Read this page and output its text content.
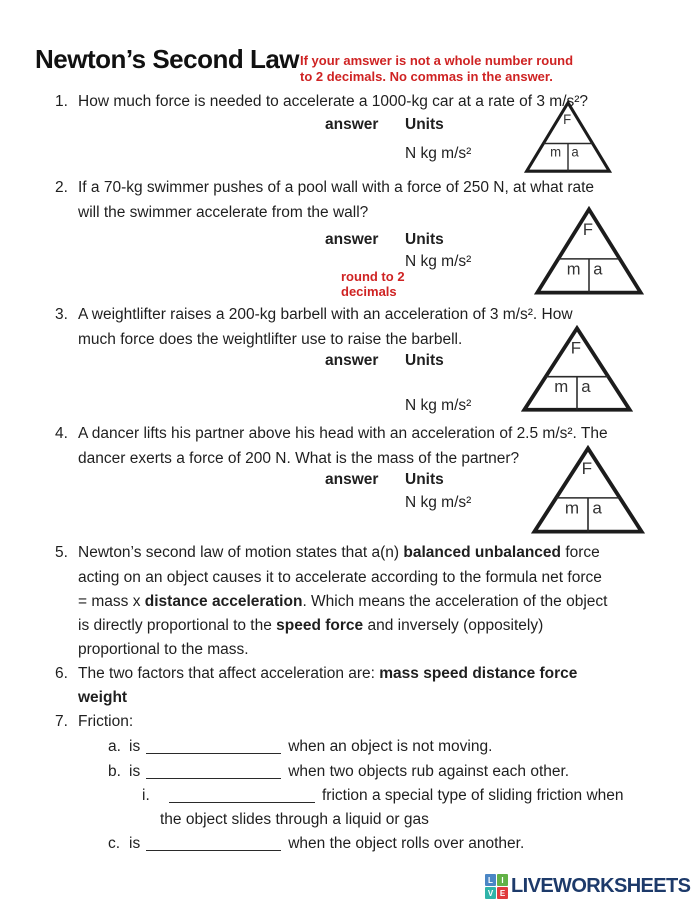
Newton’s Second Law If your amswer is not a whole number round
to 2 decimals. No commas in the answer.
1. How much force is needed to accelerate a 1000-kg car at a rate of 3 m/s²?
answer Units
N kg m/s²
F
m a
2. If a 70-kg swimmer pushes of a pool wall with a force of 250 N, at what rate
will the swimmer accelerate from the wall?
answer Units
N kg m/s²
round to 2
decimals
F
m a
3. A weightlifter raises a 200-kg barbell with an acceleration of 3 m/s². How
much force does the weightlifter use to raise the barbell.
answer Units
N kg m/s²
F
m a
4. A dancer lifts his partner above his head with an acceleration of 2.5 m/s². The
dancer exerts a force of 200 N. What is the mass of the partner?
answer Units
N kg m/s²
F
m a
5. Newton’s second law of motion states that a(n) balanced unbalanced force
acting on an object causes it to accelerate according to the formula net force
= mass x distance acceleration. Which means the acceleration of the object
is directly proportional to the speed force and inversely (oppositely)
proportional to the mass.
6. The two factors that affect acceleration are: mass speed distance force
weight
7. Friction:
a. is	when an object is not moving.
b. is	when two objects rub against each other.
i.	friction a special type of sliding friction when
the object slides through a liquid or gas
c. is	when the object rolls over another.
L	I
V E LIVEWORKSHEETS
